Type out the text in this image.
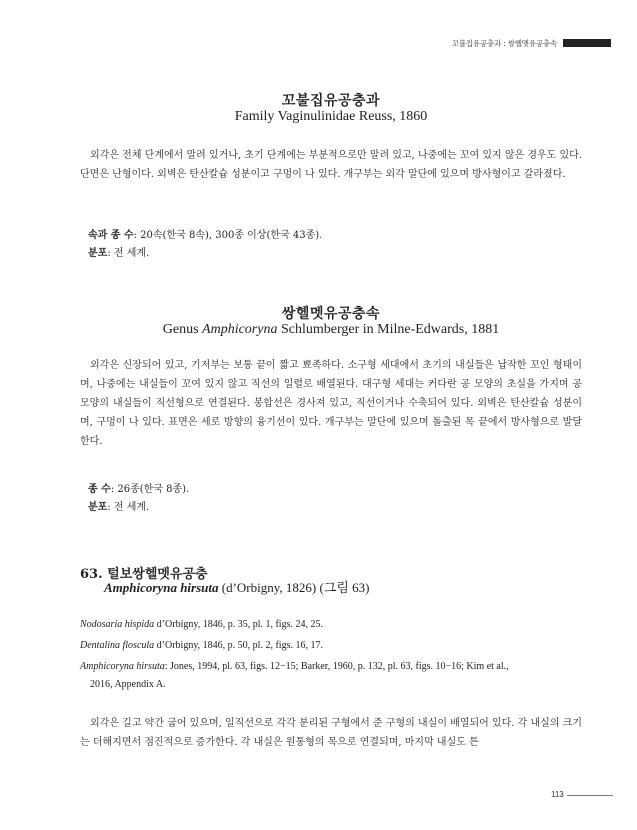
꼬불집유공충과 : 쌍헬멧유공충속
꼬불집유공충과
Family Vaginulinidae Reuss, 1860

외각은 전체 단계에서 말려 있거나, 초기 단계에는 부분적으로만 말려 있고, 나중에는 꼬여 있지 않은 경우도 있다. 단면은 난형이다. 외벽은 탄산칼슘 성분이고 구멍이 나 있다. 개구부는 외각 말단에 있으며 방사형이고 갈라졌다.

속과 종 수: 20속(한국 8속), 300종 이상(한국 43종).
분포: 전 세계.
쌍헬멧유공충속
Genus Amphicoryna Schlumberger in Milne-Edwards, 1881

외각은 신장되어 있고, 기저부는 보통 끝이 짧고 뾰족하다. 소구형 세대에서 초기의 내실들은 납작한 꼬인 형태이며, 나중에는 내실들이 꼬여 있지 않고 직선의 일렬로 배열된다. 대구형 세대는 커다란 공 모양의 초실을 가지며 공 모양의 내실들이 직선형으로 연결된다. 봉합선은 경사져 있고, 직선이거나 수축되어 있다. 외벽은 탄산칼슘 성분이며, 구멍이 나 있다. 표면은 세로 방향의 융기선이 있다. 개구부는 말단에 있으며 돌출된 목 끝에서 방사형으로 발달한다.

종 수: 26종(한국 8종).
분포: 전 세계.
63. 털보쌍헬멧유공충
Amphicoryna hirsuta (d’Orbigny, 1826) (그림 63)
Nodosaria hispida d’Orbigny, 1846, p. 35, pl. 1, figs. 24, 25.
Dentalina floscula d’Orbigny, 1846, p. 50, pl. 2, figs. 16, 17.
Amphicoryna hirsuta: Jones, 1994, pl. 63, figs. 12−15; Barker, 1960, p. 132, pl. 63, figs. 10−16; Kim et al.,
2016, Appendix A.

외각은 길고 약간 굽어 있으며, 일직선으로 각각 분리된 구형에서 준 구형의 내실이 배열되어 있다. 각 내실의 크기는 더해지면서 점진적으로 증가한다. 각 내실은 원통형의 목으로 연결되며, 마지막 내실도 튼

113
